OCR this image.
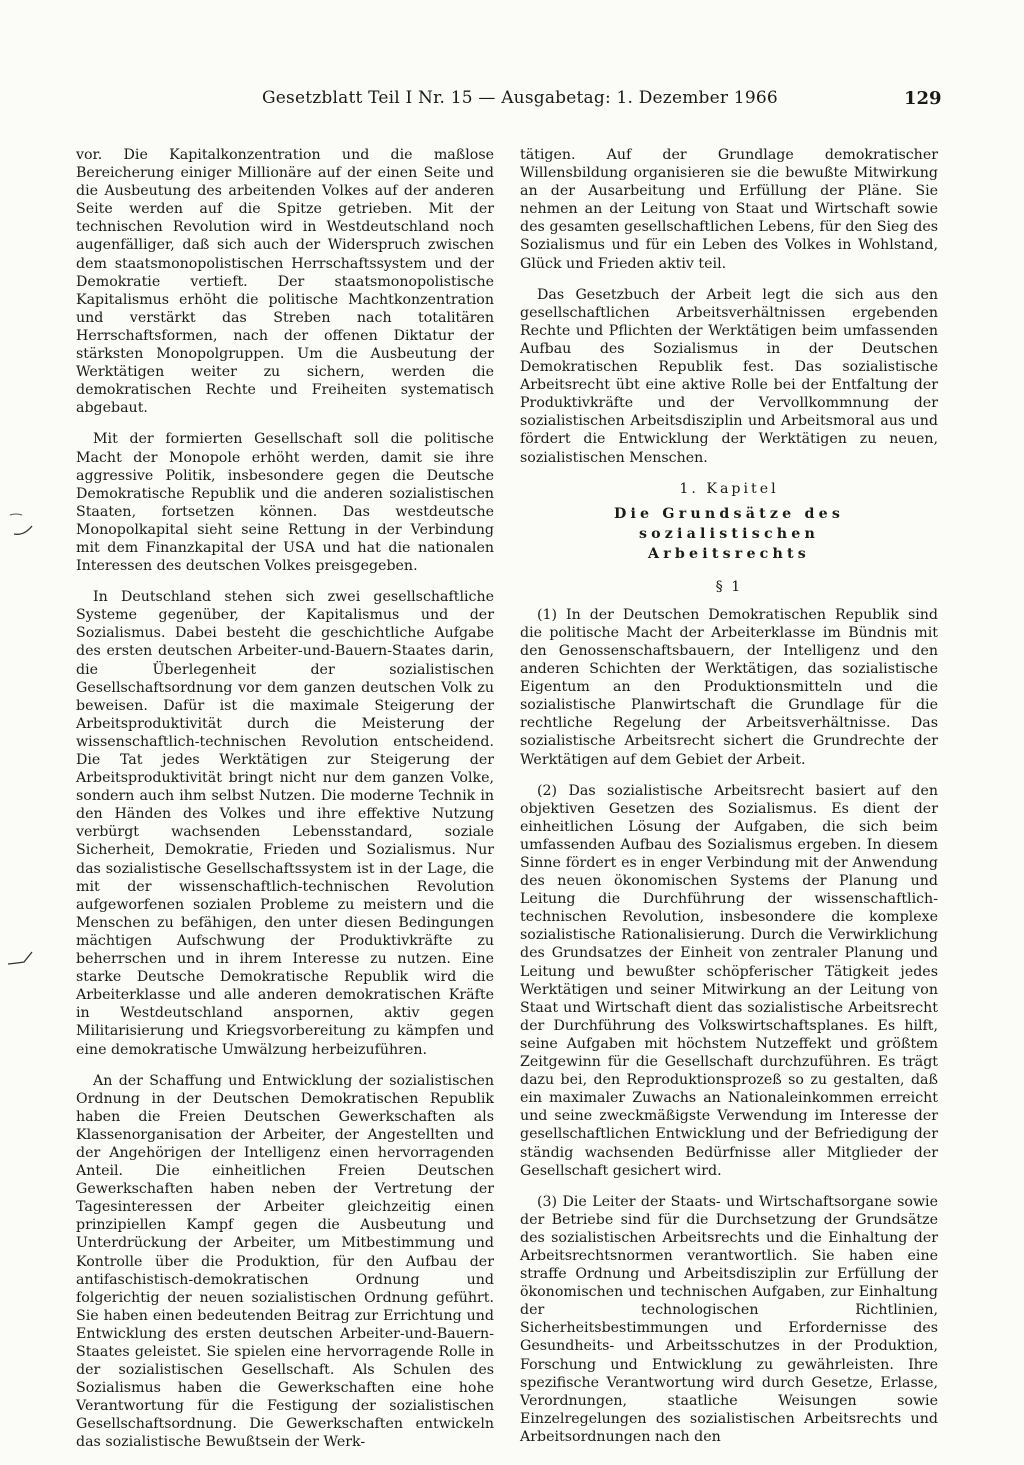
Gesetzblatt Teil I Nr. 15 — Ausgabetag: 1. Dezember 1966	129

vor. Die Kapitalkonzentration und die maßlose Bereicherung einiger Millionäre auf der einen Seite und die Ausbeutung des arbeitenden Volkes auf der anderen Seite werden auf die Spitze getrieben. Mit der technischen Revolution wird in Westdeutschland noch augenfälliger, daß sich auch der Widerspruch zwischen dem staatsmonopolistischen Herrschaftssystem und der Demokratie vertieft. Der staatsmonopolistische Kapitalismus erhöht die politische Machtkonzentration und verstärkt das Streben nach totalitären Herrschaftsformen, nach der offenen Diktatur der stärksten Monopolgruppen. Um die Ausbeutung der Werktätigen weiter zu sichern, werden die demokratischen Rechte und Freiheiten systematisch abgebaut.

Mit der formierten Gesellschaft soll die politische Macht der Monopole erhöht werden, damit sie ihre aggressive Politik, insbesondere gegen die Deutsche Demokratische Republik und die anderen sozialistischen Staaten, fortsetzen können. Das westdeutsche Monopolkapital sieht seine Rettung in der Verbindung mit dem Finanzkapital der USA und hat die nationalen Interessen des deutschen Volkes preisgegeben.

In Deutschland stehen sich zwei gesellschaftliche Systeme gegenüber, der Kapitalismus und der Sozialismus. Dabei besteht die geschichtliche Aufgabe des ersten deutschen Arbeiter-und-Bauern-Staates darin, die Überlegenheit der sozialistischen Gesellschaftsordnung vor dem ganzen deutschen Volk zu beweisen. Dafür ist die maximale Steigerung der Arbeitsproduktivität durch die Meisterung der wissenschaftlich-technischen Revolution entscheidend. Die Tat jedes Werktätigen zur Steigerung der Arbeitsproduktivität bringt nicht nur dem ganzen Volke, sondern auch ihm selbst Nutzen. Die moderne Technik in den Händen des Volkes und ihre effektive Nutzung verbürgt wachsenden Lebensstandard, soziale Sicherheit, Demokratie, Frieden und Sozialismus. Nur das sozialistische Gesellschaftssystem ist in der Lage, die mit der wissenschaftlich-technischen Revolution aufgeworfenen sozialen Probleme zu meistern und die Menschen zu befähigen, den unter diesen Bedingungen mächtigen Aufschwung der Produktivkräfte zu beherrschen und in ihrem Interesse zu nutzen. Eine starke Deutsche Demokratische Republik wird die Arbeiterklasse und alle anderen demokratischen Kräfte in Westdeutschland anspornen, aktiv gegen Militarisierung und Kriegsvorbereitung zu kämpfen und eine demokratische Umwälzung herbeizuführen.

An der Schaffung und Entwicklung der sozialistischen Ordnung in der Deutschen Demokratischen Republik haben die Freien Deutschen Gewerkschaften als Klassenorganisation der Arbeiter, der Angestellten und der Angehörigen der Intelligenz einen hervorragenden Anteil. Die einheitlichen Freien Deutschen Gewerkschaften haben neben der Vertretung der Tagesinteressen der Arbeiter gleichzeitig einen prinzipiellen Kampf gegen die Ausbeutung und Unterdrückung der Arbeiter, um Mitbestimmung und Kontrolle über die Produktion, für den Aufbau der antifaschistisch-demokratischen Ordnung und folgerichtig der neuen sozialistischen Ordnung geführt. Sie haben einen bedeutenden Beitrag zur Errichtung und Entwicklung des ersten deutschen Arbeiter-und-Bauern-Staates geleistet. Sie spielen eine hervorragende Rolle in der sozialistischen Gesellschaft. Als Schulen des Sozialismus haben die Gewerkschaften eine hohe Verantwortung für die Festigung der sozialistischen Gesellschaftsordnung. Die Gewerkschaften entwickeln das sozialistische Bewußtsein der Werk-

tätigen. Auf der Grundlage demokratischer Willensbildung organisieren sie die bewußte Mitwirkung an der Ausarbeitung und Erfüllung der Pläne. Sie nehmen an der Leitung von Staat und Wirtschaft sowie des gesamten gesellschaftlichen Lebens, für den Sieg des Sozialismus und für ein Leben des Volkes in Wohlstand, Glück und Frieden aktiv teil.

Das Gesetzbuch der Arbeit legt die sich aus den gesellschaftlichen Arbeitsverhältnissen ergebenden Rechte und Pflichten der Werktätigen beim umfassenden Aufbau des Sozialismus in der Deutschen Demokratischen Republik fest. Das sozialistische Arbeitsrecht übt eine aktive Rolle bei der Entfaltung der Produktivkräfte und der Vervollkommnung der sozialistischen Arbeitsdisziplin und Arbeitsmoral aus und fördert die Entwicklung der Werktätigen zu neuen, sozialistischen Menschen.

1. Kapitel
Die Grundsätze des sozialistischen
Arbeitsrechts
§ 1

(1) In der Deutschen Demokratischen Republik sind die politische Macht der Arbeiterklasse im Bündnis mit den Genossenschaftsbauern, der Intelligenz und den anderen Schichten der Werktätigen, das sozialistische Eigentum an den Produktionsmitteln und die sozialistische Planwirtschaft die Grundlage für die rechtliche Regelung der Arbeitsverhältnisse. Das sozialistische Arbeitsrecht sichert die Grundrechte der Werktätigen auf dem Gebiet der Arbeit.

(2) Das sozialistische Arbeitsrecht basiert auf den objektiven Gesetzen des Sozialismus. Es dient der einheitlichen Lösung der Aufgaben, die sich beim umfassenden Aufbau des Sozialismus ergeben. In diesem Sinne fördert es in enger Verbindung mit der Anwendung des neuen ökonomischen Systems der Planung und Leitung die Durchführung der wissenschaftlich-technischen Revolution, insbesondere die komplexe sozialistische Rationalisierung. Durch die Verwirklichung des Grundsatzes der Einheit von zentraler Planung und Leitung und bewußter schöpferischer Tätigkeit jedes Werktätigen und seiner Mitwirkung an der Leitung von Staat und Wirtschaft dient das sozialistische Arbeitsrecht der Durchführung des Volkswirtschaftsplanes. Es hilft, seine Aufgaben mit höchstem Nutzeffekt und größtem Zeitgewinn für die Gesellschaft durchzuführen. Es trägt dazu bei, den Reproduktionsprozeß so zu gestalten, daß ein maximaler Zuwachs an Nationaleinkommen erreicht und seine zweckmäßigste Verwendung im Interesse der gesellschaftlichen Entwicklung und der Befriedigung der ständig wachsenden Bedürfnisse aller Mitglieder der Gesellschaft gesichert wird.

(3) Die Leiter der Staats- und Wirtschaftsorgane sowie der Betriebe sind für die Durchsetzung der Grundsätze des sozialistischen Arbeitsrechts und die Einhaltung der Arbeitsrechtsnormen verantwortlich. Sie haben eine straffe Ordnung und Arbeitsdisziplin zur Erfüllung der ökonomischen und technischen Aufgaben, zur Einhaltung der technologischen Richtlinien, Sicherheitsbestimmungen und Erfordernisse des Gesundheits- und Arbeitsschutzes in der Produktion, Forschung und Entwicklung zu gewährleisten. Ihre spezifische Verantwortung wird durch Gesetze, Erlasse, Verordnungen, staatliche Weisungen sowie Einzelregelungen des sozialistischen Arbeitsrechts und Arbeitsordnungen nach den
